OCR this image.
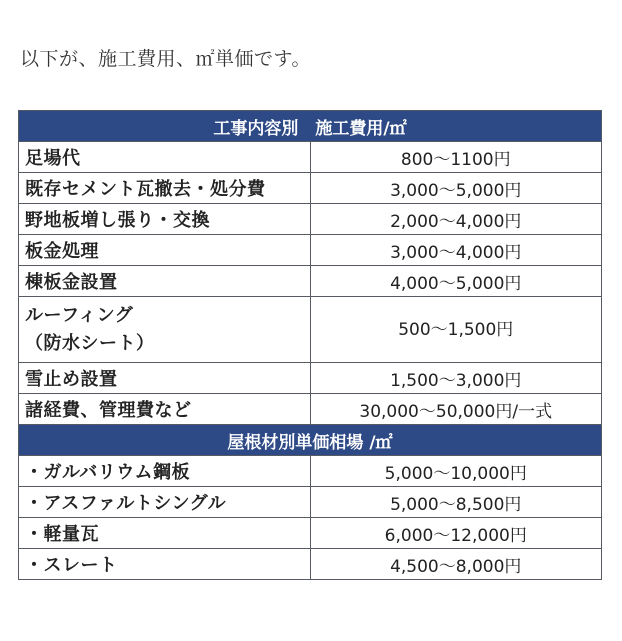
以下が、施工費用、㎡単価です。
工事内容別　施工費用/㎡	
足場代	800〜1100円
既存セメント瓦撤去・処分費	3,000〜5,000円
野地板増し張り・交換	2,000〜4,000円
板金処理	3,000〜4,000円
棟板金設置	4,000〜5,000円

ルーフィング
（防水シート）	500〜1,500円
雪止め設置	1,500〜3,000円
諸経費、管理費など	30,000〜50,000円/一式
屋根材別単価相場 /㎡	
・ガルバリウム鋼板	5,000〜10,000円
・アスファルトシングル	5,000〜8,500円
・軽量瓦	6,000〜12,000円
・スレート	4,500〜8,000円
